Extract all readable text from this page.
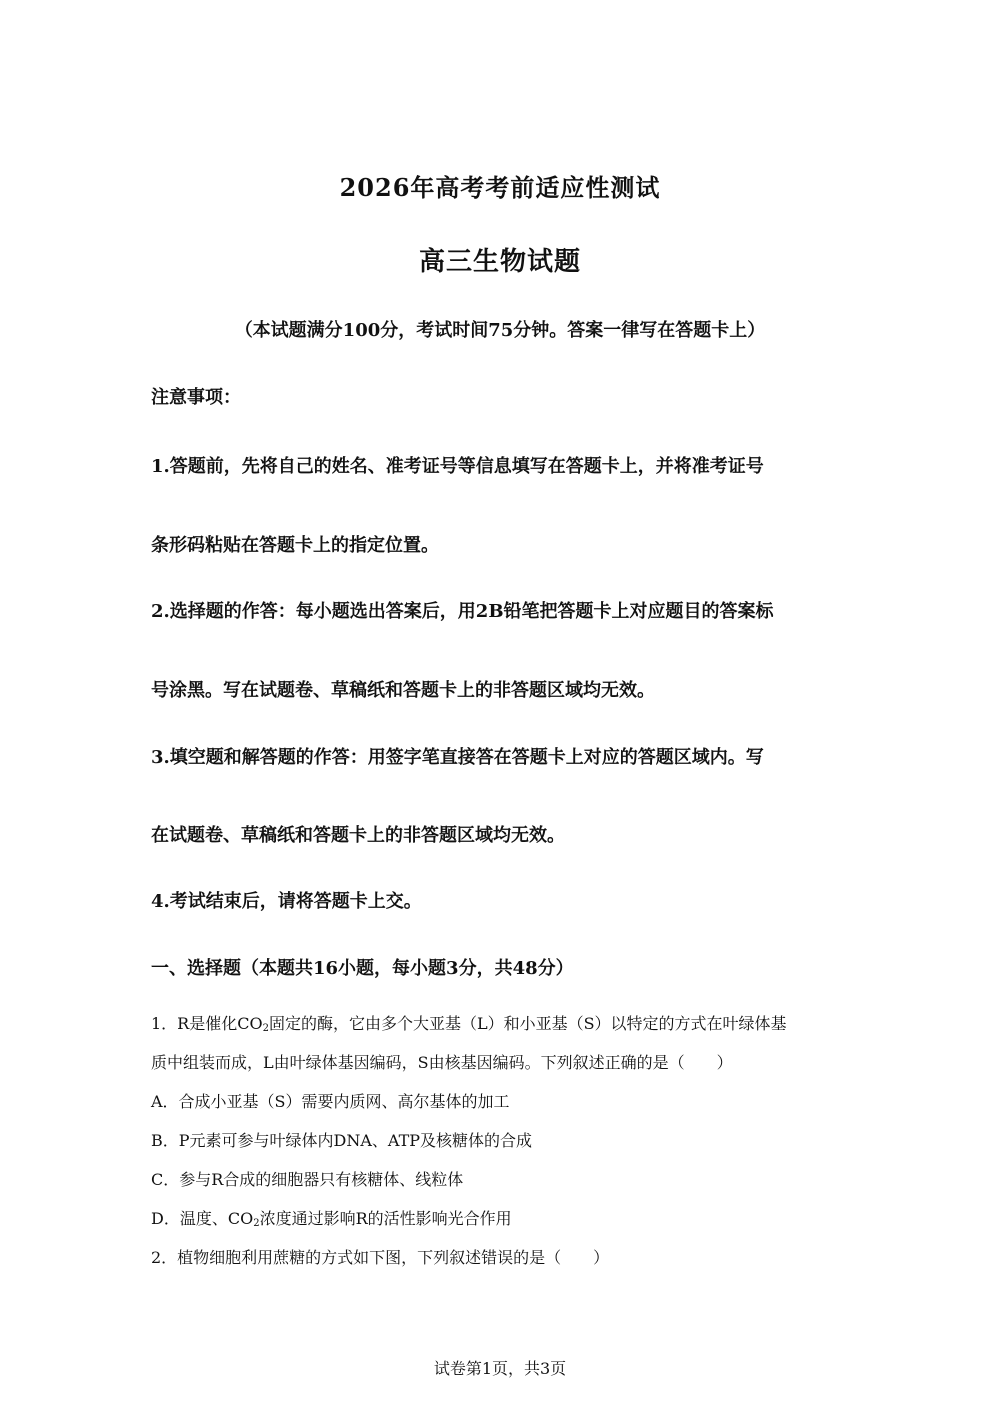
2026年高考考前适应性测试
高三生物试题
（本试题满分100分，考试时间75分钟。答案一律写在答题卡上）
注意事项：
1.答题前，先将自己的姓名、准考证号等信息填写在答题卡上，并将准考证号
条形码粘贴在答题卡上的指定位置。
2.选择题的作答：每小题选出答案后，用2B铅笔把答题卡上对应题目的答案标
号涂黑。写在试题卷、草稿纸和答题卡上的非答题区域均无效。
3.填空题和解答题的作答：用签字笔直接答在答题卡上对应的答题区域内。写
在试题卷、草稿纸和答题卡上的非答题区域均无效。
4.考试结束后，请将答题卡上交。
一、选择题（本题共16小题，每小题3分，共48分）
1．R是催化$CO_2$固定的酶，它由多个大亚基（L）和小亚基（S）以特定的方式在叶绿体基
质中组装而成，L由叶绿体基因编码，S由核基因编码。下列叙述正确的是（　　）
A．合成小亚基（S）需要内质网、高尔基体的加工
B．P元素可参与叶绿体内DNA、ATP及核糖体的合成
C．参与R合成的细胞器只有核糖体、线粒体
D．温度、$CO_2$浓度通过影响R的活性影响光合作用
2．植物细胞利用蔗糖的方式如下图，下列叙述错误的是（　　）
试卷第1页，共3页
